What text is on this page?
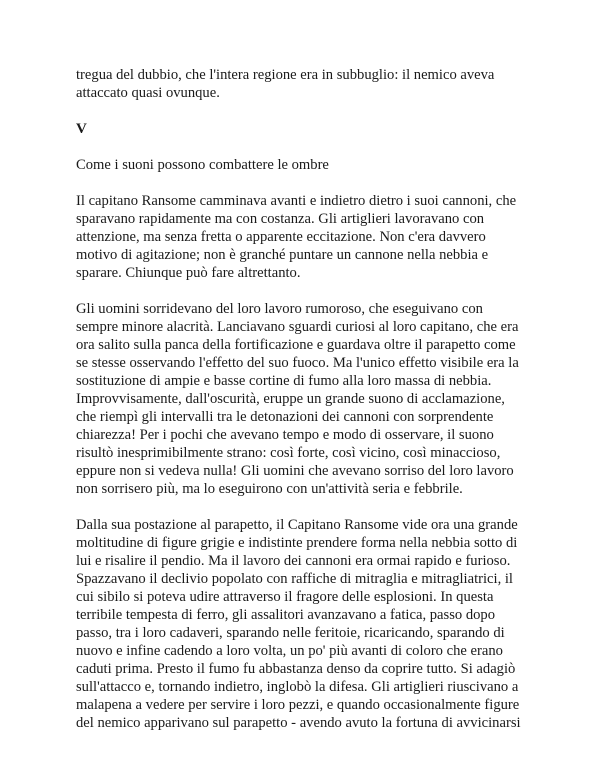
tregua del dubbio, che l'intera regione era in subbuglio: il nemico aveva
attaccato quasi ovunque.
V
Come i suoni possono combattere le ombre
Il capitano Ransome camminava avanti e indietro dietro i suoi cannoni, che
sparavano rapidamente ma con costanza. Gli artiglieri lavoravano con
attenzione, ma senza fretta o apparente eccitazione. Non c'era davvero
motivo di agitazione; non è granché puntare un cannone nella nebbia e
sparare. Chiunque può fare altrettanto.
Gli uomini sorridevano del loro lavoro rumoroso, che eseguivano con
sempre minore alacrità. Lanciavano sguardi curiosi al loro capitano, che era
ora salito sulla panca della fortificazione e guardava oltre il parapetto come
se stesse osservando l'effetto del suo fuoco. Ma l'unico effetto visibile era la
sostituzione di ampie e basse cortine di fumo alla loro massa di nebbia.
Improvvisamente, dall'oscurità, eruppe un grande suono di acclamazione,
che riempì gli intervalli tra le detonazioni dei cannoni con sorprendente
chiarezza! Per i pochi che avevano tempo e modo di osservare, il suono
risultò inesprimibilmente strano: così forte, così vicino, così minaccioso,
eppure non si vedeva nulla! Gli uomini che avevano sorriso del loro lavoro
non sorrisero più, ma lo eseguirono con un'attività seria e febbrile.
Dalla sua postazione al parapetto, il Capitano Ransome vide ora una grande
moltitudine di figure grigie e indistinte prendere forma nella nebbia sotto di
lui e risalire il pendio. Ma il lavoro dei cannoni era ormai rapido e furioso.
Spazzavano il declivio popolato con raffiche di mitraglia e mitragliatrici, il
cui sibilo si poteva udire attraverso il fragore delle esplosioni. In questa
terribile tempesta di ferro, gli assalitori avanzavano a fatica, passo dopo
passo, tra i loro cadaveri, sparando nelle feritoie, ricaricando, sparando di
nuovo e infine cadendo a loro volta, un po' più avanti di coloro che erano
caduti prima. Presto il fumo fu abbastanza denso da coprire tutto. Si adagiò
sull'attacco e, tornando indietro, inglobò la difesa. Gli artiglieri riuscivano a
malapena a vedere per servire i loro pezzi, e quando occasionalmente figure
del nemico apparivano sul parapetto - avendo avuto la fortuna di avvicinarsi
